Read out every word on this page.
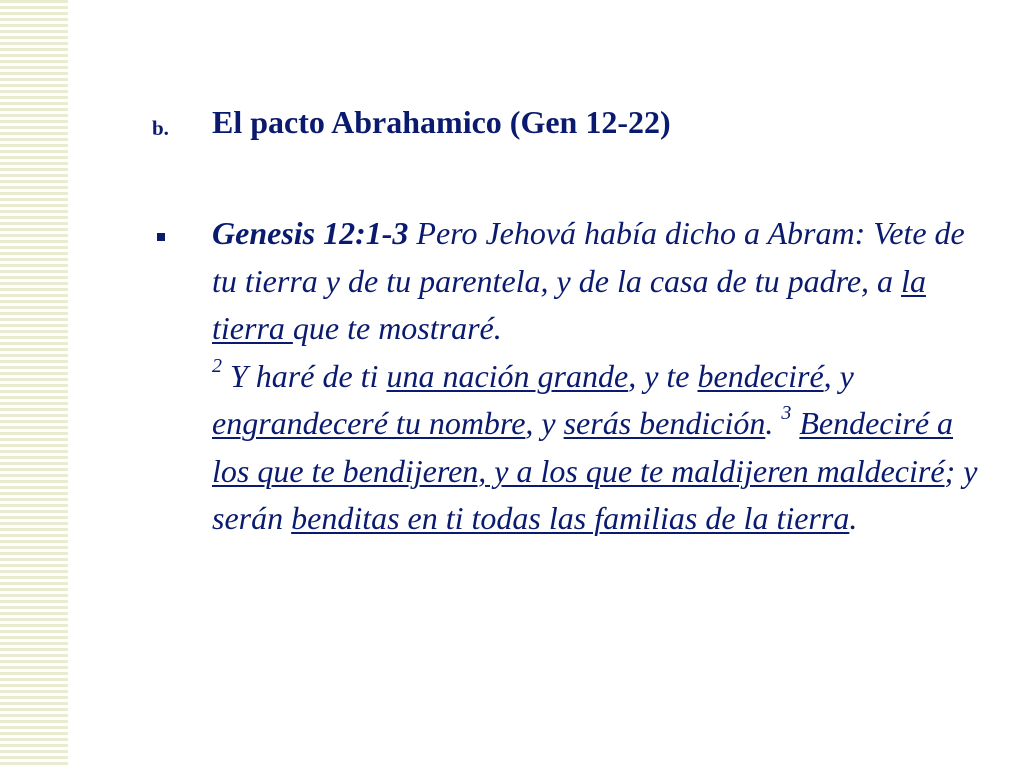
b. El pacto Abrahamico (Gen 12-22)
Genesis 12:1-3 Pero Jehová había dicho a Abram: Vete de tu tierra y de tu parentela, y de la casa de tu padre, a la tierra que te mostraré.
$^2$ Y haré de ti una nación grande, y te bendeciré, y engrandeceré tu nombre, y serás bendición. $^3$ Bendeciré a los que te bendijeren, y a los que te maldijeren maldeciré; y serán benditas en ti todas las familias de la tierra.
